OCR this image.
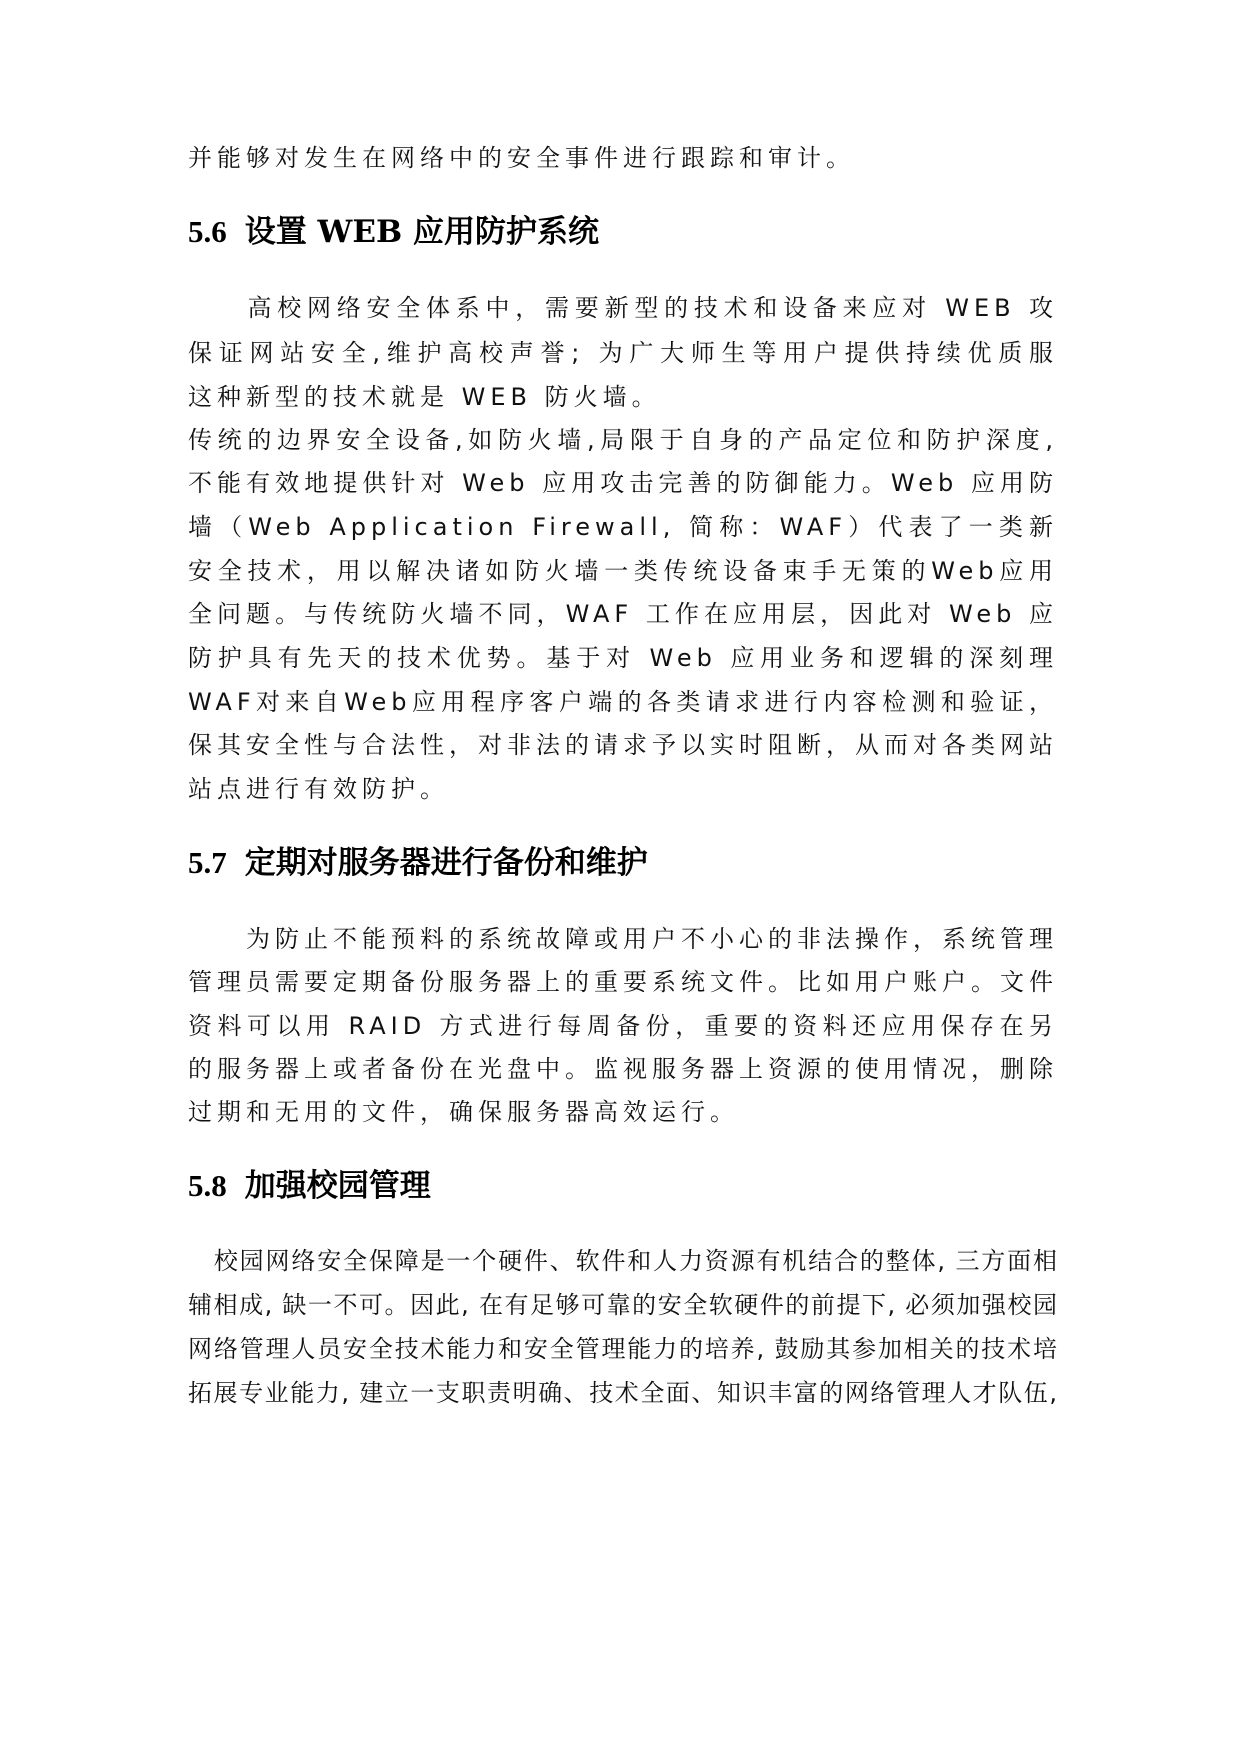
并能够对发生在网络中的安全事件进行跟踪和审计。
5.6 设置 WEB 应用防护系统
　　高校网络安全体系中，需要新型的技术和设备来应对 WEB 攻
保证网站安全,维护高校声誉; 为广大师生等用户提供持续优质服
这种新型的技术就是 WEB 防火墙。
传统的边界安全设备,如防火墙,局限于自身的产品定位和防护深度,
不能有效地提供针对 Web 应用攻击完善的防御能力。Web 应用防
墙（Web Application Firewall, 简称：WAF）代表了一类新
安全技术，用以解决诸如防火墙一类传统设备束手无策的Web应用
全问题。与传统防火墙不同，WAF 工作在应用层，因此对 Web 应
防护具有先天的技术优势。基于对 Web 应用业务和逻辑的深刻理
WAF对来自Web应用程序客户端的各类请求进行内容检测和验证，
保其安全性与合法性，对非法的请求予以实时阻断，从而对各类网站
站点进行有效防护。
5.7 定期对服务器进行备份和维护
　　为防止不能预料的系统故障或用户不小心的非法操作，系统管理
管理员需要定期备份服务器上的重要系统文件。比如用户账户。文件
资料可以用 RAID 方式进行每周备份，重要的资料还应用保存在另
的服务器上或者备份在光盘中。监视服务器上资源的使用情况，删除
过期和无用的文件，确保服务器高效运行。
5.8 加强校园管理
　校园网络安全保障是一个硬件、软件和人力资源有机结合的整体, 三方面相
辅相成, 缺一不可。因此, 在有足够可靠的安全软硬件的前提下, 必须加强校园
网络管理人员安全技术能力和安全管理能力的培养, 鼓励其参加相关的技术培
拓展专业能力, 建立一支职责明确、技术全面、知识丰富的网络管理人才队伍,
